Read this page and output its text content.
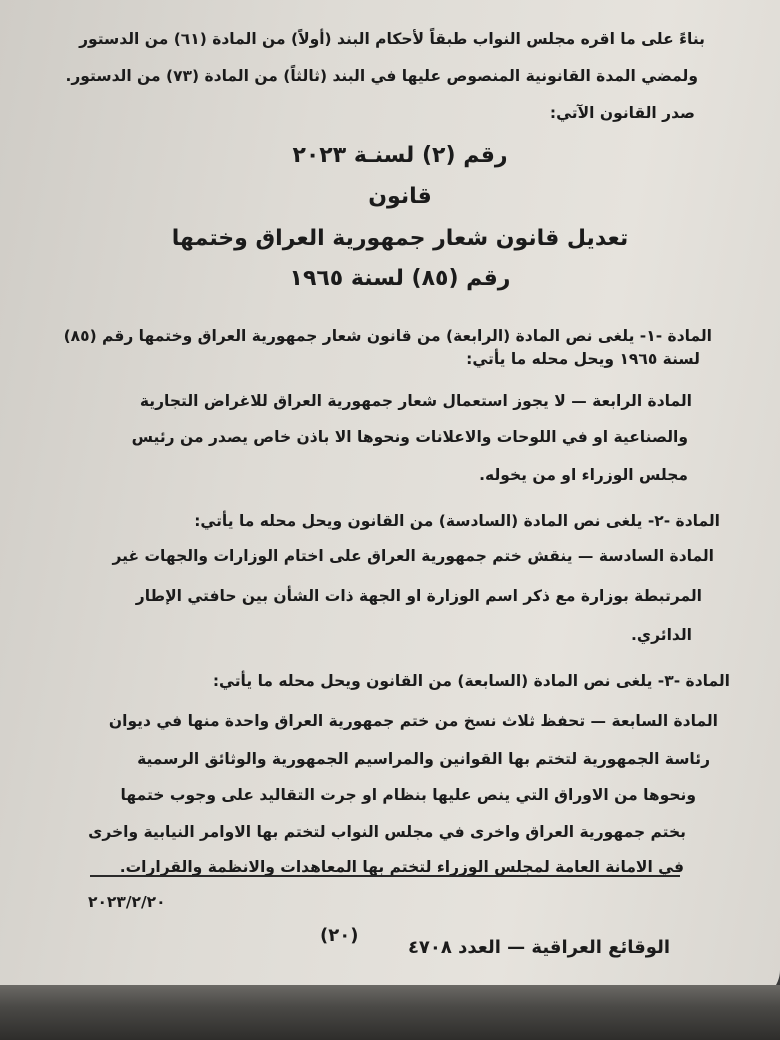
بناءً على ما اقره مجلس النواب طبقاً لأحكام البند (أولاً) من المادة (٦١) من الدستور
ولمضي المدة القانونية المنصوص عليها في البند (ثالثاً) من المادة (٧٣) من الدستور.
صدر القانون الآتي:
رقم (٢) لسنـة ٢٠٢٣
قانون
تعديل قانون شعار جمهورية العراق وختمها
رقم (٨٥) لسنة ١٩٦٥
المادة -١- يلغى نص المادة (الرابعة) من قانون شعار جمهورية العراق وختمها رقم (٨٥)
لسنة ١٩٦٥ ويحل محله ما يأتي:
المادة الرابعة — لا يجوز استعمال شعار جمهورية العراق للاغراض التجارية
والصناعية او في اللوحات والاعلانات ونحوها الا باذن خاص يصدر من رئيس
مجلس الوزراء او من يخوله.
المادة -٢- يلغى نص المادة (السادسة) من القانون ويحل محله ما يأتي:
المادة السادسة — ينقش ختم جمهورية العراق على اختام الوزارات والجهات غير
المرتبطة بوزارة مع ذكر اسم الوزارة او الجهة ذات الشأن بين حافتي الإطار
الدائري.
المادة -٣- يلغى نص المادة (السابعة) من القانون ويحل محله ما يأتي:
المادة السابعة — تحفظ ثلاث نسخ من ختم جمهورية العراق واحدة منها في ديوان
رئاسة الجمهورية لتختم بها القوانين والمراسيم الجمهورية والوثائق الرسمية
ونحوها من الاوراق التي ينص عليها بنظام او جرت التقاليد على وجوب ختمها
بختم جمهورية العراق واخرى في مجلس النواب لتختم بها الاوامر النيابية واخرى
في الامانة العامة لمجلس الوزراء لتختم بها المعاهدات والانظمة والقرارات.
٢٠٢٣/٢/٢٠
(٢٠)
الوقائع العراقية — العدد ٤٧٠٨
